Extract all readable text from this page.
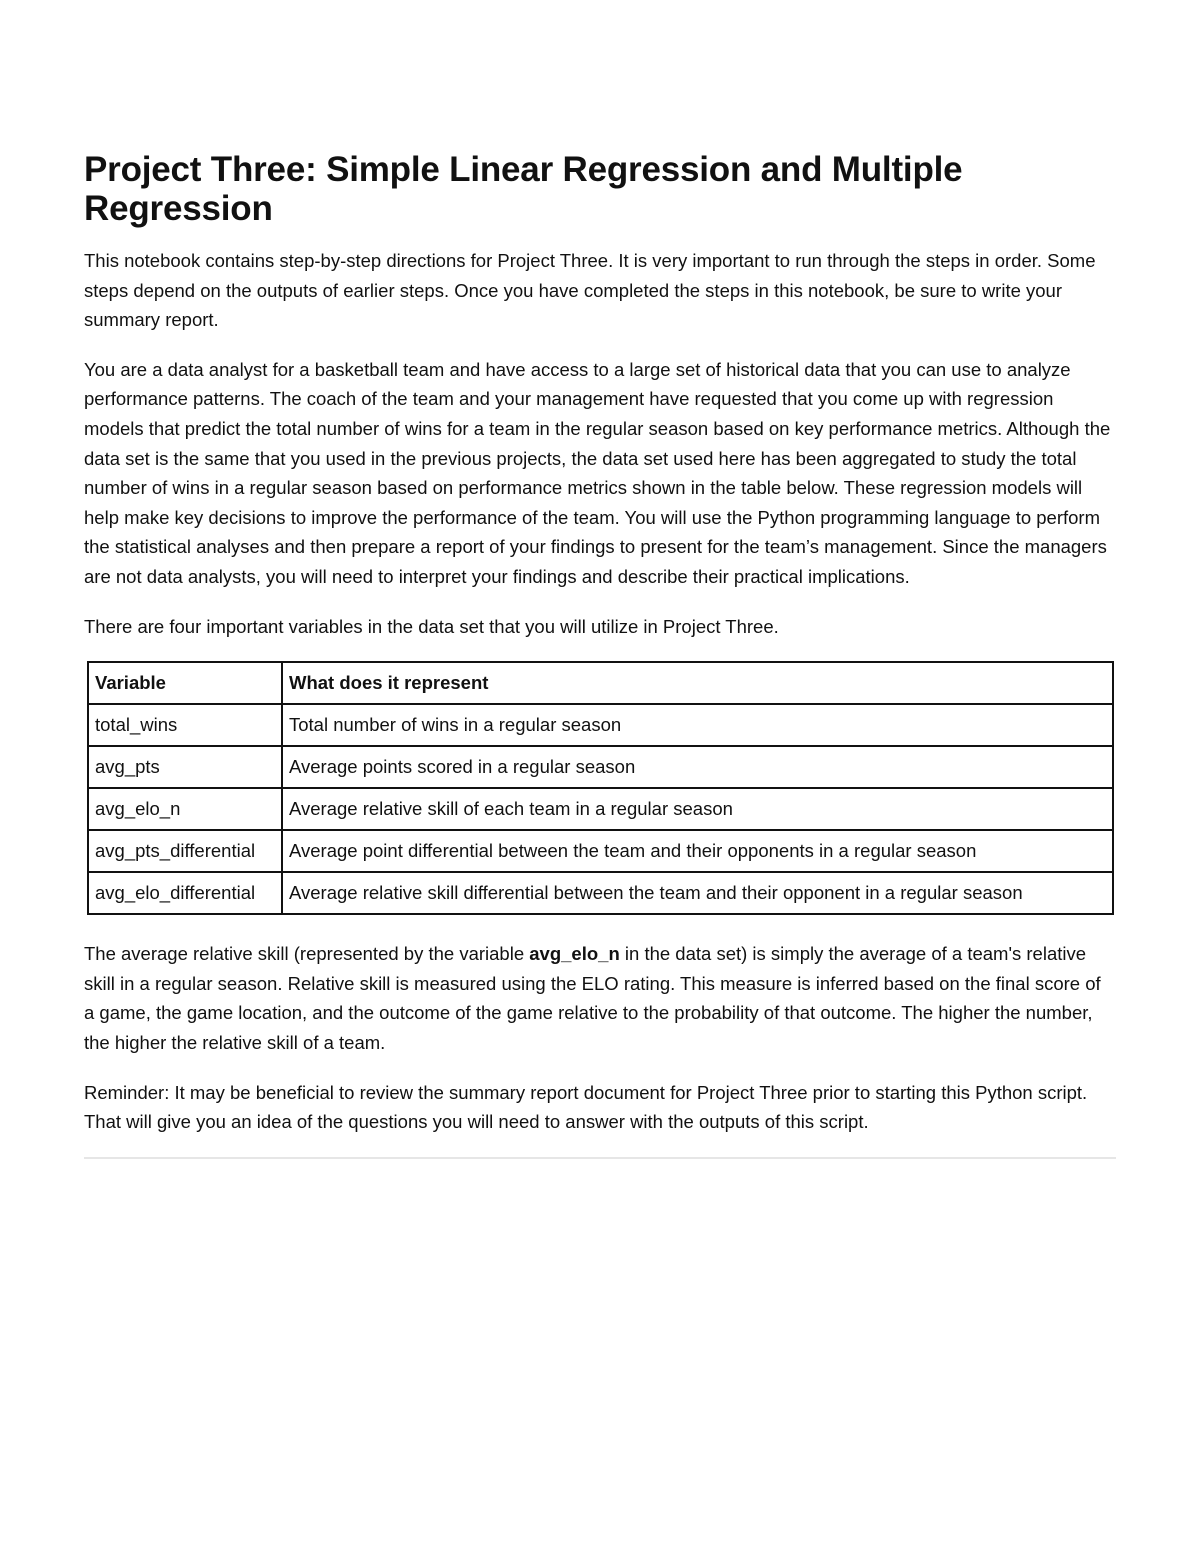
Project Three: Simple Linear Regression and Multiple Regression

This notebook contains step-by-step directions for Project Three. It is very important to run through the steps in order. Some steps depend on the outputs of earlier steps. Once you have completed the steps in this notebook, be sure to write your summary report.

You are a data analyst for a basketball team and have access to a large set of historical data that you can use to analyze performance patterns. The coach of the team and your management have requested that you come up with regression models that predict the total number of wins for a team in the regular season based on key performance metrics. Although the data set is the same that you used in the previous projects, the data set used here has been aggregated to study the total number of wins in a regular season based on performance metrics shown in the table below. These regression models will help make key decisions to improve the performance of the team. You will use the Python programming language to perform the statistical analyses and then prepare a report of your findings to present for the team’s management. Since the managers are not data analysts, you will need to interpret your findings and describe their practical implications.

There are four important variables in the data set that you will utilize in Project Three.

Variable	What does it represent
total_wins	Total number of wins in a regular season
avg_pts	Average points scored in a regular season
avg_elo_n	Average relative skill of each team in a regular season
avg_pts_differential	Average point differential between the team and their opponents in a regular season
avg_elo_differential	Average relative skill differential between the team and their opponent in a regular season

The average relative skill (represented by the variable avg_elo_n in the data set) is simply the average of a team's relative skill in a regular season. Relative skill is measured using the ELO rating. This measure is inferred based on the final score of a game, the game location, and the outcome of the game relative to the probability of that outcome. The higher the number, the higher the relative skill of a team.

Reminder: It may be beneficial to review the summary report document for Project Three prior to starting this Python script. That will give you an idea of the questions you will need to answer with the outputs of this script.
